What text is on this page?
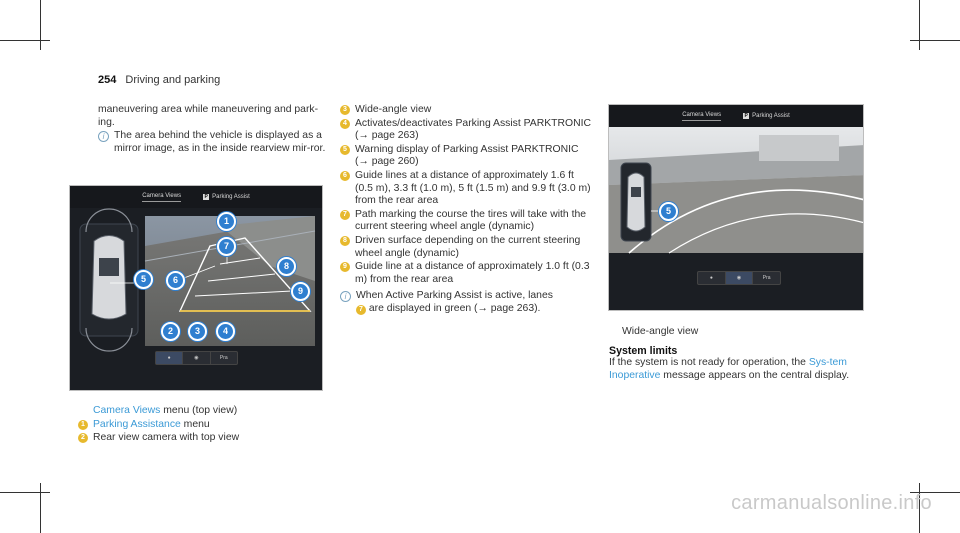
254 Driving and parking
maneuvering area while maneuvering and park-ing.
i The area behind the vehicle is displayed as a mirror image, as in the inside rearview mir-ror.
Camera Views	P Parking Assist
1
7
8
9
6
5
2	3	4
●	◉	Pra
Camera Views menu (top view)
1 Parking Assistance menu
2 Rear view camera with top view
3 Wide-angle view
4 Activates/deactivates Parking Assist PARKTRONIC (→ page 263)
5 Warning display of Parking Assist PARKTRONIC (→ page 260)
6 Guide lines at a distance of approximately 1.6 ft (0.5 m), 3.3 ft (1.0 m), 5 ft (1.5 m) and 9.9 ft (3.0 m) from the rear area
7 Path marking the course the tires will take with the current steering wheel angle (dynamic)
8 Driven surface depending on the current steering wheel angle (dynamic)
9 Guide line at a distance of approximately 1.0 ft (0.3 m) from the rear area
i When Active Parking Assist is active, lanes
7 are displayed in green (→ page 263).
Camera Views	P Parking Assist
5
●	◉	Pra
Wide-angle view
System limits
If the system is not ready for operation, the Sys-tem Inoperative message appears on the central display.
carmanualsonline.info
